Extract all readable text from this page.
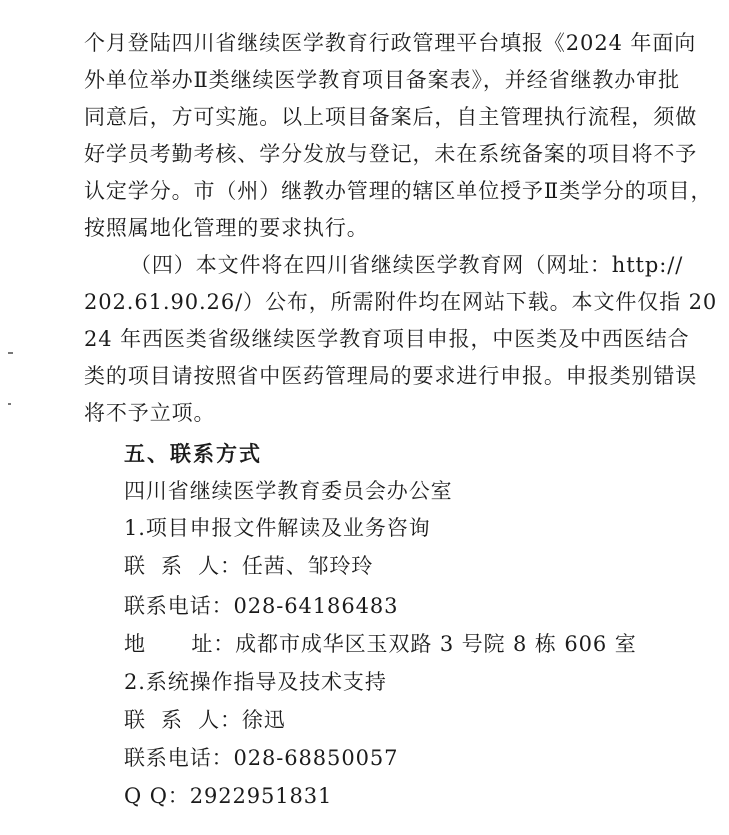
个月登陆四川省继续医学教育行政管理平台填报《2024 年面向
外单位举办Ⅱ类继续医学教育项目备案表》，并经省继教办审批
同意后，方可实施。以上项目备案后，自主管理执行流程，须做
好学员考勤考核、学分发放与登记，未在系统备案的项目将不予
认定学分。市（州）继教办管理的辖区单位授予Ⅱ类学分的项目，
按照属地化管理的要求执行。
（四）本文件将在四川省继续医学教育网（网址：http://
202.61.90.26/）公布，所需附件均在网站下载。本文件仅指 20
24 年西医类省级继续医学教育项目申报，中医类及中西医结合
类的项目请按照省中医药管理局的要求进行申报。申报类别错误
将不予立项。
五、联系方式
四川省继续医学教育委员会办公室
1.项目申报文件解读及业务咨询
联  系  人：任茜、邹玲玲
联系电话：028-64186483
地      址：成都市成华区玉双路 3 号院 8 栋 606 室
2.系统操作指导及技术支持
联  系  人：徐迅
联系电话：028-68850057
Q Q：2922951831
